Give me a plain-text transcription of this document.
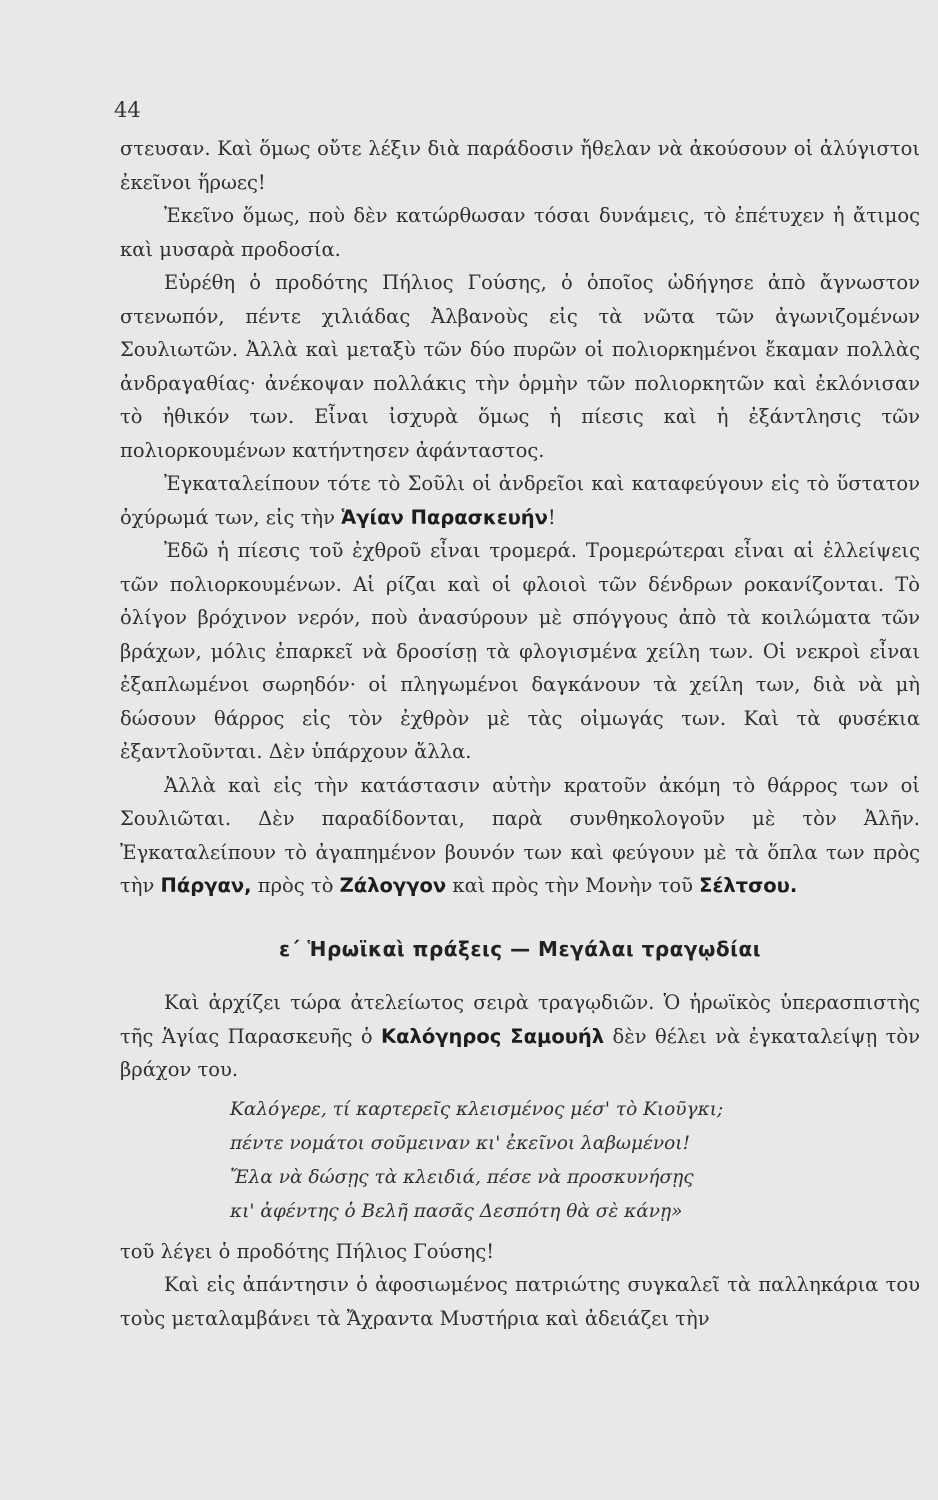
44

στευσαν. Καὶ ὅμως οὔτε λέξιν διὰ παράδοσιν ἤθελαν νὰ ἀκούσουν οἱ ἀλύγιστοι ἐκεῖνοι ἥρωες!

Ἐκεῖνο ὅμως, ποὺ δὲν κατώρθωσαν τόσαι δυνάμεις, τὸ ἐπέτυχεν ἡ ἄτιμος καὶ μυσαρὰ προδοσία.

Εὑρέθη ὁ προδότης Πήλιος Γούσης, ὁ ὁποῖος ὡδήγησε ἀπὸ ἄγνωστον στενωπόν, πέντε χιλιάδας Ἀλβανοὺς εἰς τὰ νῶτα τῶν ἀγωνιζομένων Σουλιωτῶν. Ἀλλὰ καὶ μεταξὺ τῶν δύο πυρῶν οἱ πολιορκημένοι ἔκαμαν πολλὰς ἀνδραγαθίας· ἀνέκοψαν πολλάκις τὴν ὁρμὴν τῶν πολιορκητῶν καὶ ἐκλόνισαν τὸ ἠθικόν των. Εἶναι ἰσχυρὰ ὅμως ἡ πίεσις καὶ ἡ ἐξάντλησις τῶν πολιορκουμένων κατήντησεν ἀφάνταστος.

Ἐγκαταλείπουν τότε τὸ Σοῦλι οἱ ἀνδρεῖοι καὶ καταφεύγουν εἰς τὸ ὕστατον ὀχύρωμά των, εἰς τὴν Ἁγίαν Παρασκευήν!

Ἐδῶ ἡ πίεσις τοῦ ἐχθροῦ εἶναι τρομερά. Τρομερώτεραι εἶναι αἱ ἐλλείψεις τῶν πολιορκουμένων. Αἱ ρίζαι καὶ οἱ φλοιοὶ τῶν δένδρων ροκανίζονται. Τὸ ὀλίγον βρόχινον νερόν, ποὺ ἀνασύρουν μὲ σπόγγους ἀπὸ τὰ κοιλώματα τῶν βράχων, μόλις ἐπαρκεῖ νὰ δροσίσῃ τὰ φλογισμένα χείλη των. Οἱ νεκροὶ εἶναι ἐξαπλωμένοι σωρηδόν· οἱ πληγωμένοι δαγκάνουν τὰ χείλη των, διὰ νὰ μὴ δώσουν θάρρος εἰς τὸν ἐχθρὸν μὲ τὰς οἰμωγάς των. Καὶ τὰ φυσέκια ἐξαντλοῦνται. Δὲν ὑπάρχουν ἄλλα.

Ἀλλὰ καὶ εἰς τὴν κατάστασιν αὐτὴν κρατοῦν ἀκόμη τὸ θάρρος των οἱ Σουλιῶται. Δὲν παραδίδονται, παρὰ συνθηκολογοῦν μὲ τὸν Ἀλῆν. Ἐγκαταλείπουν τὸ ἀγαπημένον βουνόν των καὶ φεύγουν μὲ τὰ ὅπλα των πρὸς τὴν Πάργαν, πρὸς τὸ Ζάλογγον καὶ πρὸς τὴν Μονὴν τοῦ Σέλτσου.

ε΄ Ἡρωϊκαὶ πράξεις — Μεγάλαι τραγῳδίαι

Καὶ ἀρχίζει τώρα ἀτελείωτος σειρὰ τραγῳδιῶν. Ὁ ἡρωϊκὸς ὑπερασπιστὴς τῆς Ἁγίας Παρασκευῆς ὁ Καλόγηρος Σαμουήλ δὲν θέλει νὰ ἐγκαταλείψῃ τὸν βράχον του.

Καλόγερε, τί καρτερεῖς κλεισμένος μέσ' τὸ Κιοῦγκι;
πέντε νομάτοι σοῦμειναν κι' ἐκεῖνοι λαβωμένοι!
Ἔλα νὰ δώσῃς τὰ κλειδιά, πέσε νὰ προσκυνήσῃς
κι' ἀφέντης ὁ Βελῆ πασᾶς Δεσπότη θὰ σὲ κάνῃ»

τοῦ λέγει ὁ προδότης Πήλιος Γούσης!

Καὶ εἰς ἀπάντησιν ὁ ἀφοσιωμένος πατριώτης συγκαλεῖ τὰ παλληκάρια του τοὺς μεταλαμβάνει τὰ Ἄχραντα Μυστήρια καὶ ἀδειάζει τὴν
